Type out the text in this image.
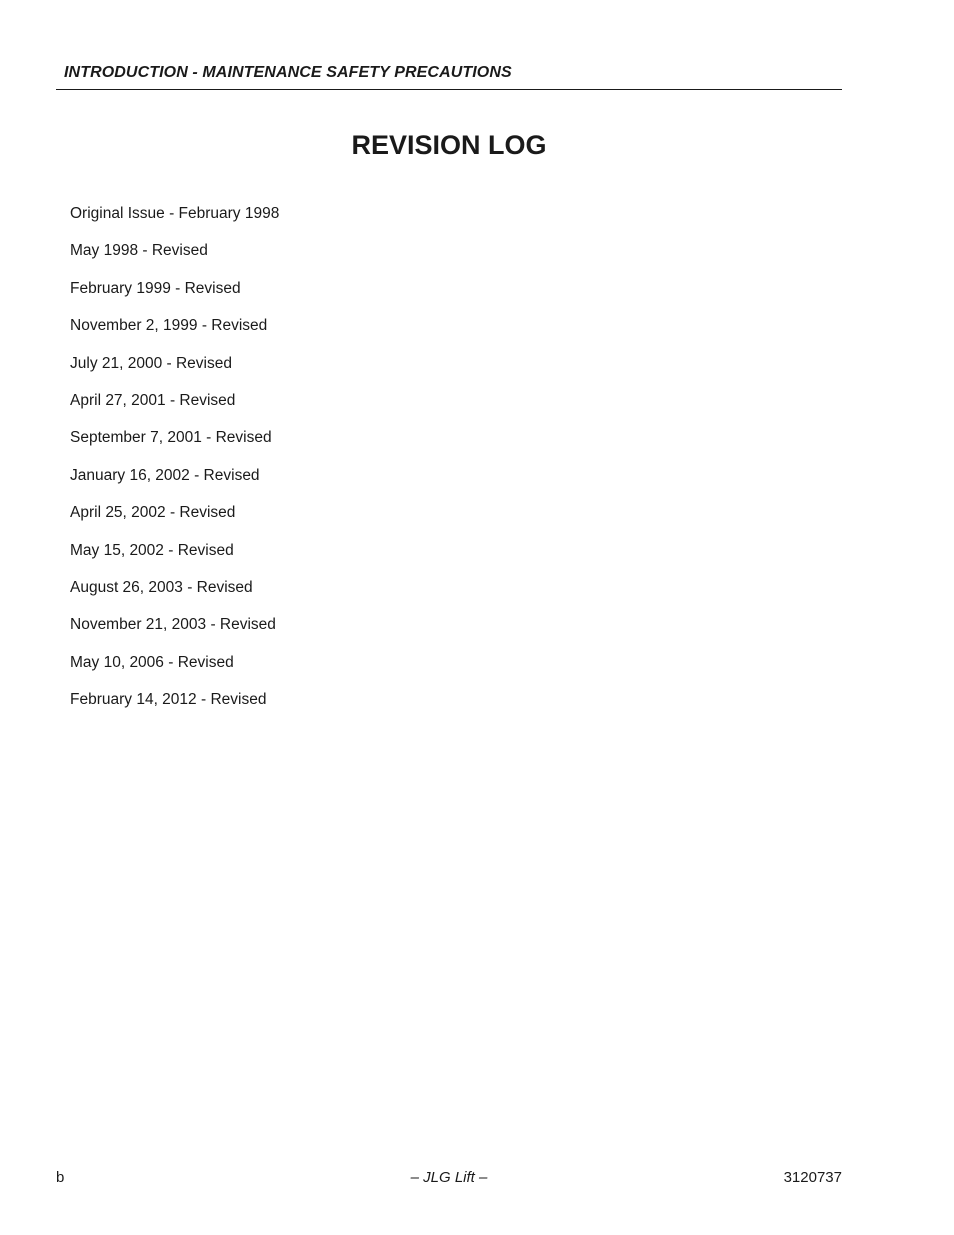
INTRODUCTION - MAINTENANCE SAFETY PRECAUTIONS
REVISION LOG
Original Issue - February 1998
May 1998 - Revised
February 1999 - Revised
November 2, 1999 - Revised
July 21, 2000 - Revised
April 27, 2001 - Revised
September 7, 2001 - Revised
January 16, 2002 - Revised
April 25, 2002 - Revised
May 15, 2002 - Revised
August 26, 2003 - Revised
November 21, 2003 - Revised
May 10, 2006 - Revised
February 14, 2012 - Revised
b	– JLG Lift –	3120737
